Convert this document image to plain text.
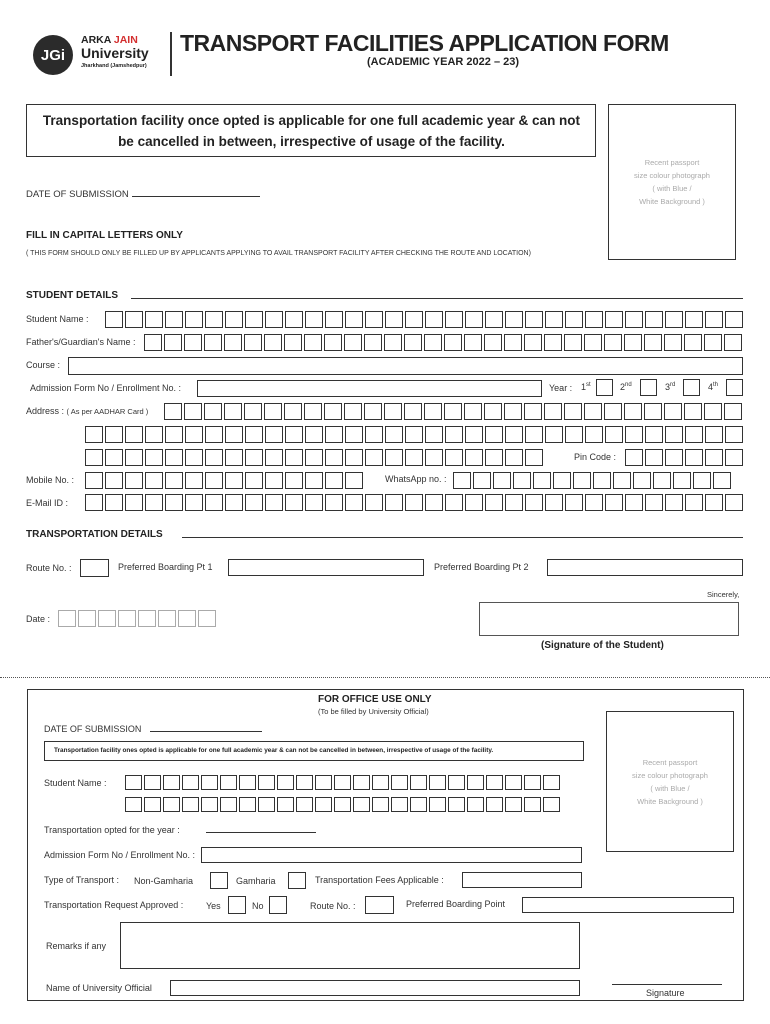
JGi
ARKA JAIN
University
Jharkhand (Jamshedpur)
TRANSPORT FACILITIES APPLICATION FORM
(ACADEMIC YEAR 2022 – 23)
Transportation facility once opted is applicable for one full academic year & can not be cancelled in between, irrespective of usage of the facility.
Recent passport
size colour photograph
( with Blue /
White Background )
DATE OF SUBMISSION
FILL IN CAPITAL LETTERS ONLY
( THIS FORM SHOULD ONLY BE FILLED UP BY APPLICANTS APPLYING TO AVAIL TRANSPORT FACILITY AFTER CHECKING THE ROUTE AND LOCATION)
STUDENT DETAILS
Student Name :
Father's/Guardian's Name :
Course :
Admission Form No / Enrollment No. :	Year : 1st	2nd	3rd	4th
Address : ( As per AADHAR Card )
Pin Code :
Mobile No. :	WhatsApp no. :
E-Mail ID :
TRANSPORTATION DETAILS
Route No. :	Preferred Boarding Pt 1	Preferred Boarding Pt 2
Sincerely,
Date :
(Signature of the Student)
FOR OFFICE USE ONLY
(To be filled by University Official)
Recent passport
size colour photograph
( with Blue /
White Background )
DATE OF SUBMISSION
Transportation facility ones opted is applicable for one full academic year & can not be cancelled in between, irrespective of usage of the facility.
Student Name :
Transportation opted for the year :
Admission Form No / Enrollment No. :
Type of Transport : Non-Gamharia	Gamharia	Transportation Fees Applicable :
Transportation Request Approved :	Yes	No	Route No. :	Preferred Boarding Point
Remarks if any
Name of University Official	Signature
